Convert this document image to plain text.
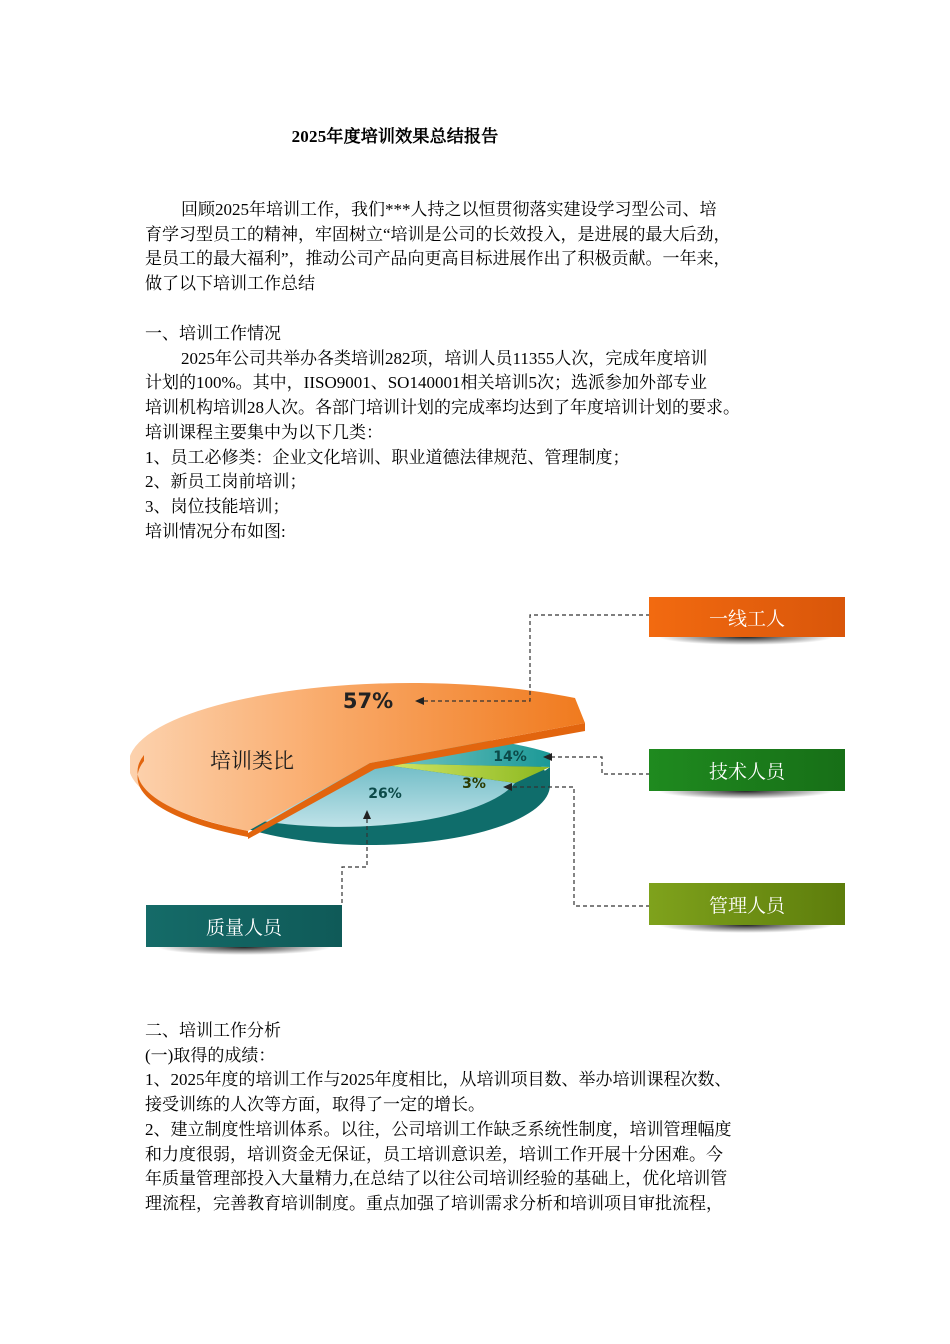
2025年度培训效果总结报告

回顾2025年培训工作，我们***人持之以恒贯彻落实建设学习型公司、培

育学习型员工的精神，牢固树立“培训是公司的长效投入，是进展的最大后劲，

是员工的最大福利”，推动公司产品向更高目标进展作出了积极贡献。一年来，

做了以下培训工作总结

一、培训工作情况

2025年公司共举办各类培训282项，培训人员11355人次，完成年度培训

计划的100%。其中，IISO9001、SO140001相关培训5次；选派参加外部专业

培训机构培训28人次。各部门培训计划的完成率均达到了年度培训计划的要求。

培训课程主要集中为以下几类：

1、员工必修类：企业文化培训、职业道德法律规范、管理制度；

2、新员工岗前培训；

3、岗位技能培训；

培训情况分布如图:

57%
14%
3%
26%
培训类比
一线工人
技术人员
管理人员
质量人员

二、培训工作分析

(一)取得的成绩：

1、2025年度的培训工作与2025年度相比，从培训项目数、举办培训课程次数、

接受训练的人次等方面，取得了一定的增长。

2、建立制度性培训体系。以往，公司培训工作缺乏系统性制度，培训管理幅度

和力度很弱，培训资金无保证，员工培训意识差，培训工作开展十分困难。今

年质量管理部投入大量精力,在总结了以往公司培训经验的基础上，优化培训管

理流程，完善教育培训制度。重点加强了培训需求分析和培训项目审批流程，
